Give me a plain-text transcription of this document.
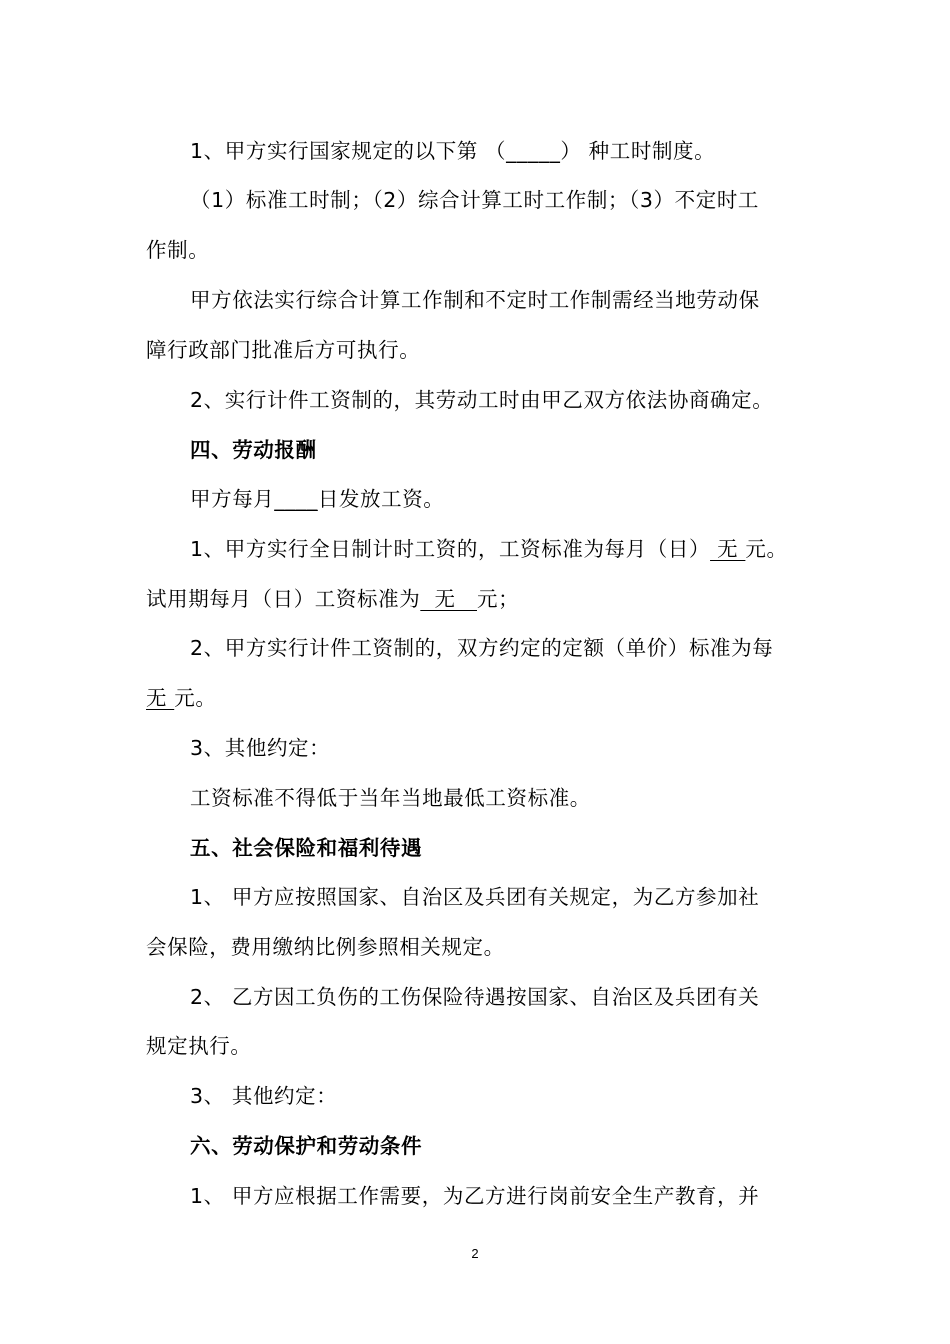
1、甲方实行国家规定的以下第 （_____） 种工时制度。
（1）标准工时制；（2）综合计算工时工作制；（3）不定时工
作制。
甲方依法实行综合计算工作制和不定时工作制需经当地劳动保
障行政部门批准后方可执行。
2、实行计件工资制的，其劳动工时由甲乙双方依法协商确定。
四、劳动报酬
甲方每月____日发放工资。
1、甲方实行全日制计时工资的，工资标准为每月（日） 无 元。
试用期每月（日）工资标准为  无   元；
2、甲方实行计件工资制的，双方约定的定额（单价）标准为每
无 元。
3、其他约定：
工资标准不得低于当年当地最低工资标准。
五、社会保险和福利待遇
1、 甲方应按照国家、自治区及兵团有关规定，为乙方参加社
会保险，费用缴纳比例参照相关规定。
2、 乙方因工负伤的工伤保险待遇按国家、自治区及兵团有关
规定执行。
3、 其他约定：
六、劳动保护和劳动条件
1、 甲方应根据工作需要，为乙方进行岗前安全生产教育，并
2
